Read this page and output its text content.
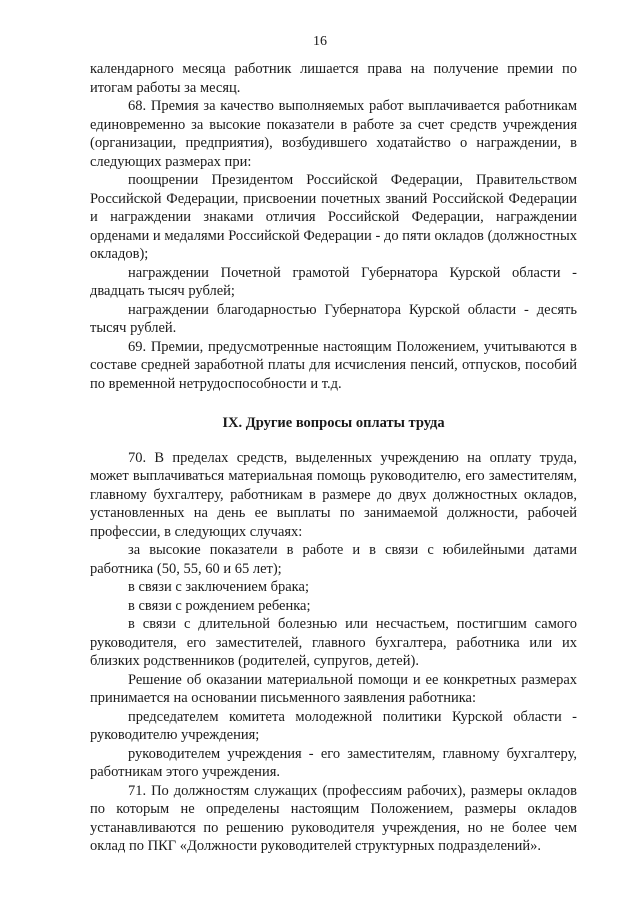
16

календарного месяца работник лишается права на получение премии по итогам работы за месяц.

68. Премия за качество выполняемых работ выплачивается работникам единовременно за высокие показатели в работе за счет средств учреждения (организации, предприятия), возбудившего ходатайство о награждении, в следующих размерах при:

поощрении Президентом Российской Федерации, Правительством Российской Федерации, присвоении почетных званий Российской Федерации и награждении знаками отличия Российской Федерации, награждении орденами и медалями Российской Федерации - до пяти окладов (должностных окладов);

награждении Почетной грамотой Губернатора Курской области - двадцать тысяч рублей;

награждении благодарностью Губернатора Курской области - десять тысяч рублей.

69. Премии, предусмотренные настоящим Положением, учитываются в составе средней заработной платы для исчисления пенсий, отпусков, пособий по временной нетрудоспособности и т.д.

IX. Другие вопросы оплаты труда

70. В пределах средств, выделенных учреждению на оплату труда, может выплачиваться материальная помощь руководителю, его заместителям, главному бухгалтеру, работникам в размере до двух должностных окладов, установленных на день ее выплаты по занимаемой должности, рабочей профессии, в следующих случаях:

за высокие показатели в работе и в связи с юбилейными датами работника (50, 55, 60 и 65 лет);

в связи с заключением брака;

в связи с рождением ребенка;

в связи с длительной болезнью или несчастьем, постигшим самого руководителя, его заместителей, главного бухгалтера, работника или их близких родственников (родителей, супругов, детей).

Решение об оказании материальной помощи и ее конкретных размерах принимается на основании письменного заявления работника:

председателем комитета молодежной политики Курской области - руководителю учреждения;

руководителем учреждения - его заместителям, главному бухгалтеру, работникам этого учреждения.

71. По должностям служащих (профессиям рабочих), размеры окладов по которым не определены настоящим Положением, размеры окладов устанавливаются по решению руководителя учреждения, но не более чем оклад по ПКГ «Должности руководителей структурных подразделений».
